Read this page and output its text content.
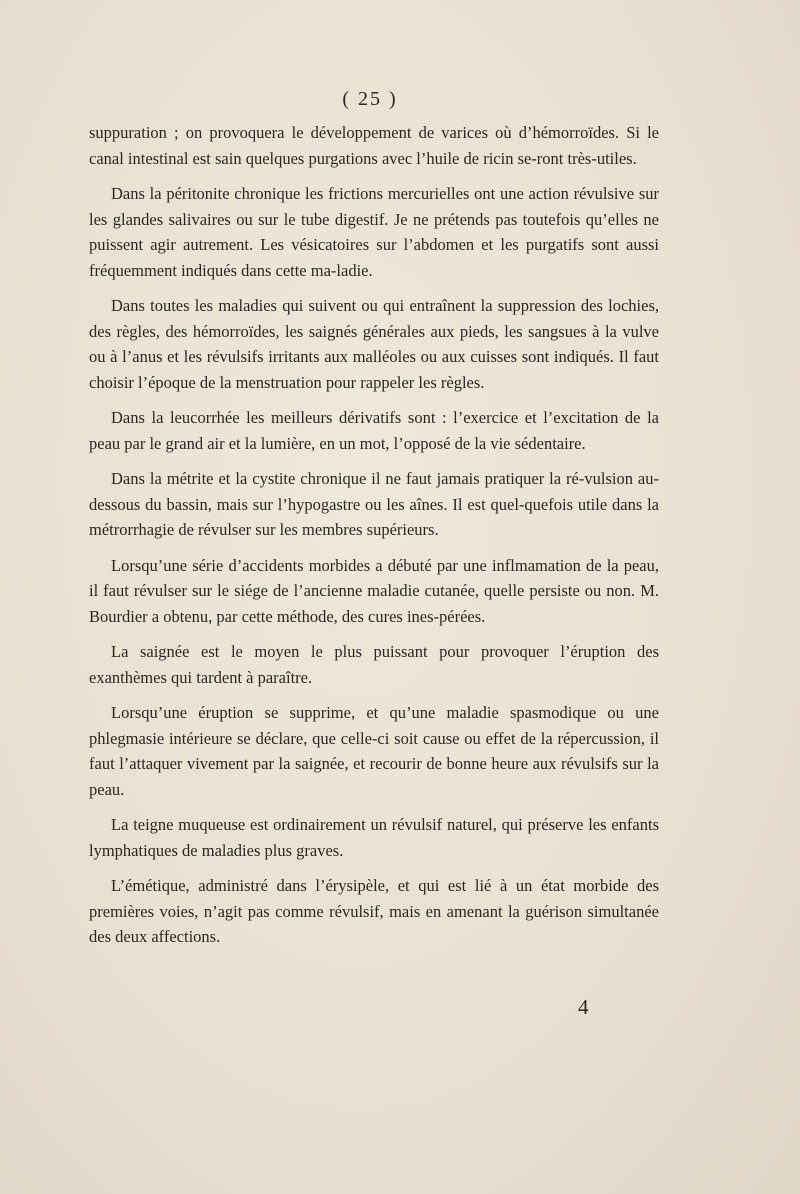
( 25 )

suppuration ; on provoquera le développement de varices où d’hémorroïdes. Si le canal intestinal est sain quelques purgations avec l’huile de ricin se-ront très-utiles.

Dans la péritonite chronique les frictions mercurielles ont une action révulsive sur les glandes salivaires ou sur le tube digestif. Je ne prétends pas toutefois qu’elles ne puissent agir autrement. Les vésicatoires sur l’abdomen et les purgatifs sont aussi fréquemment indiqués dans cette ma-ladie.

Dans toutes les maladies qui suivent ou qui entraînent la suppression des lochies, des règles, des hémorroïdes, les saignés générales aux pieds, les sangsues à la vulve ou à l’anus et les révulsifs irritants aux malléoles ou aux cuisses sont indiqués. Il faut choisir l’époque de la menstruation pour rappeler les règles.

Dans la leucorrhée les meilleurs dérivatifs sont : l’exercice et l’excitation de la peau par le grand air et la lumière, en un mot, l’opposé de la vie sédentaire.

Dans la métrite et la cystite chronique il ne faut jamais pratiquer la ré-vulsion au-dessous du bassin, mais sur l’hypogastre ou les aînes. Il est quel-quefois utile dans la métrorrhagie de révulser sur les membres supérieurs.

Lorsqu’une série d’accidents morbides a débuté par une inflmamation de la peau, il faut révulser sur le siége de l’ancienne maladie cutanée, quelle persiste ou non. M. Bourdier a obtenu, par cette méthode, des cures ines-pérées.

La saignée est le moyen le plus puissant pour provoquer l’éruption des exanthèmes qui tardent à paraître.

Lorsqu’une éruption se supprime, et qu’une maladie spasmodique ou une phlegmasie intérieure se déclare, que celle-ci soit cause ou effet de la répercussion, il faut l’attaquer vivement par la saignée, et recourir de bonne heure aux révulsifs sur la peau.

La teigne muqueuse est ordinairement un révulsif naturel, qui préserve les enfants lymphatiques de maladies plus graves.

L’émétique, administré dans l’érysipèle, et qui est lié à un état morbide des premières voies, n’agit pas comme révulsif, mais en amenant la guérison simultanée des deux affections.

4
